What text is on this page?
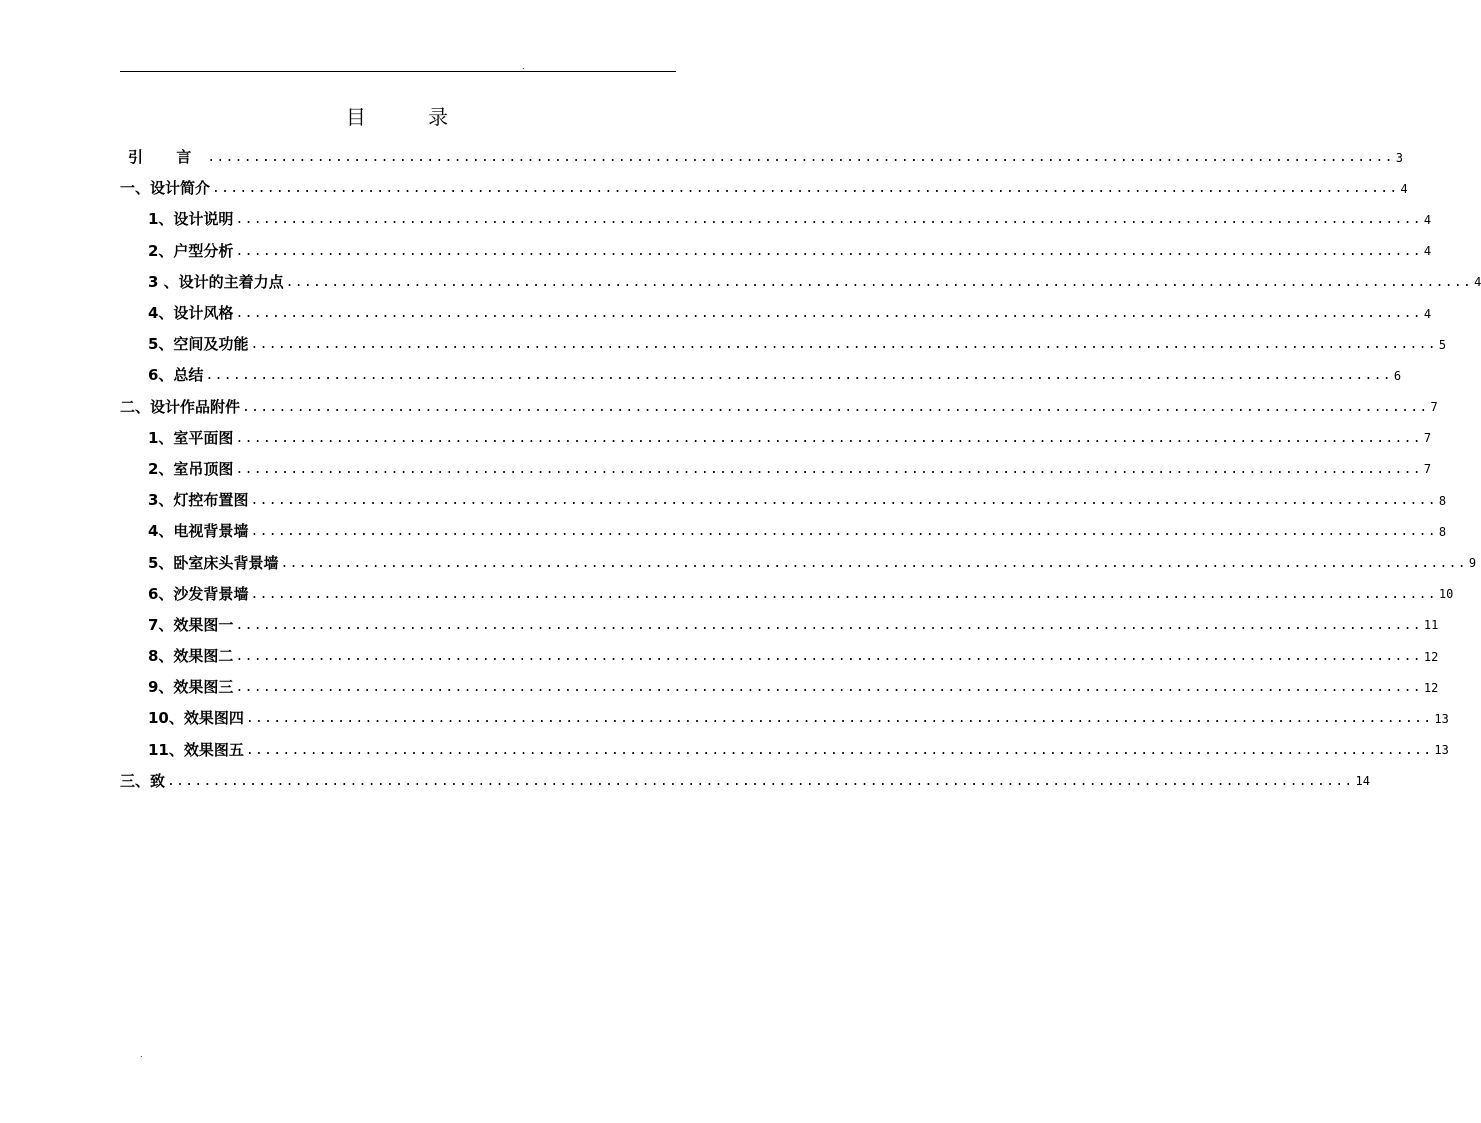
.
目 录
引 言 .................................................................................................................................. 3
一、设计简介 .................................................................................................................................. 4
1、设计说明 .................................................................................................................................. 4
2、户型分析 .................................................................................................................................. 4
3 、设计的主着力点 .................................................................................................................................. 4
4、设计风格 .................................................................................................................................. 4
5、空间及功能 .................................................................................................................................. 5
6、总结 .................................................................................................................................. 6
二、设计作品附件 .................................................................................................................................. 7
1、室平面图 .................................................................................................................................. 7
2、室吊顶图 .................................................................................................................................. 7
3、灯控布置图 .................................................................................................................................. 8
4、电视背景墙 .................................................................................................................................. 8
5、卧室床头背景墙 .................................................................................................................................. 9
6、沙发背景墙 .................................................................................................................................. 10
7、效果图一 .................................................................................................................................. 11
8、效果图二 .................................................................................................................................. 12
9、效果图三 .................................................................................................................................. 12
10、效果图四 .................................................................................................................................. 13
11、效果图五 .................................................................................................................................. 13
三、致 .................................................................................................................................. 14
.
